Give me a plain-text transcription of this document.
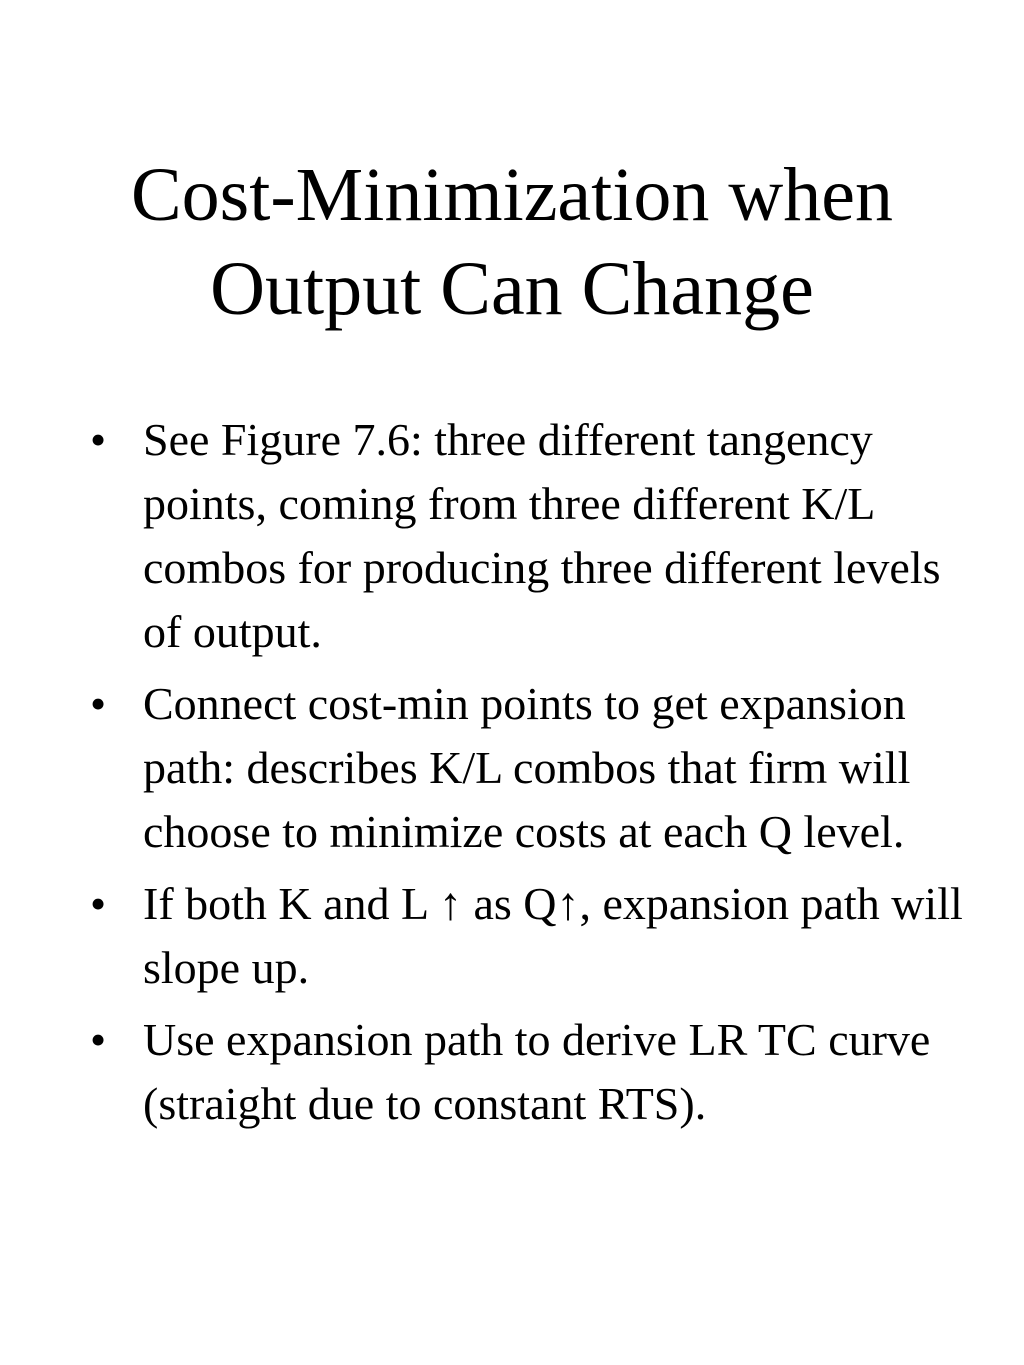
Cost-Minimization when
Output Can Change
• See Figure 7.6: three different tangency points, coming from three different K/L combos for producing three different levels of output.
• Connect cost-min points to get expansion path: describes K/L combos that firm will choose to minimize costs at each Q level.
• If both K and L ↑ as Q↑, expansion path will slope up.
• Use expansion path to derive LR TC curve (straight due to constant RTS).
